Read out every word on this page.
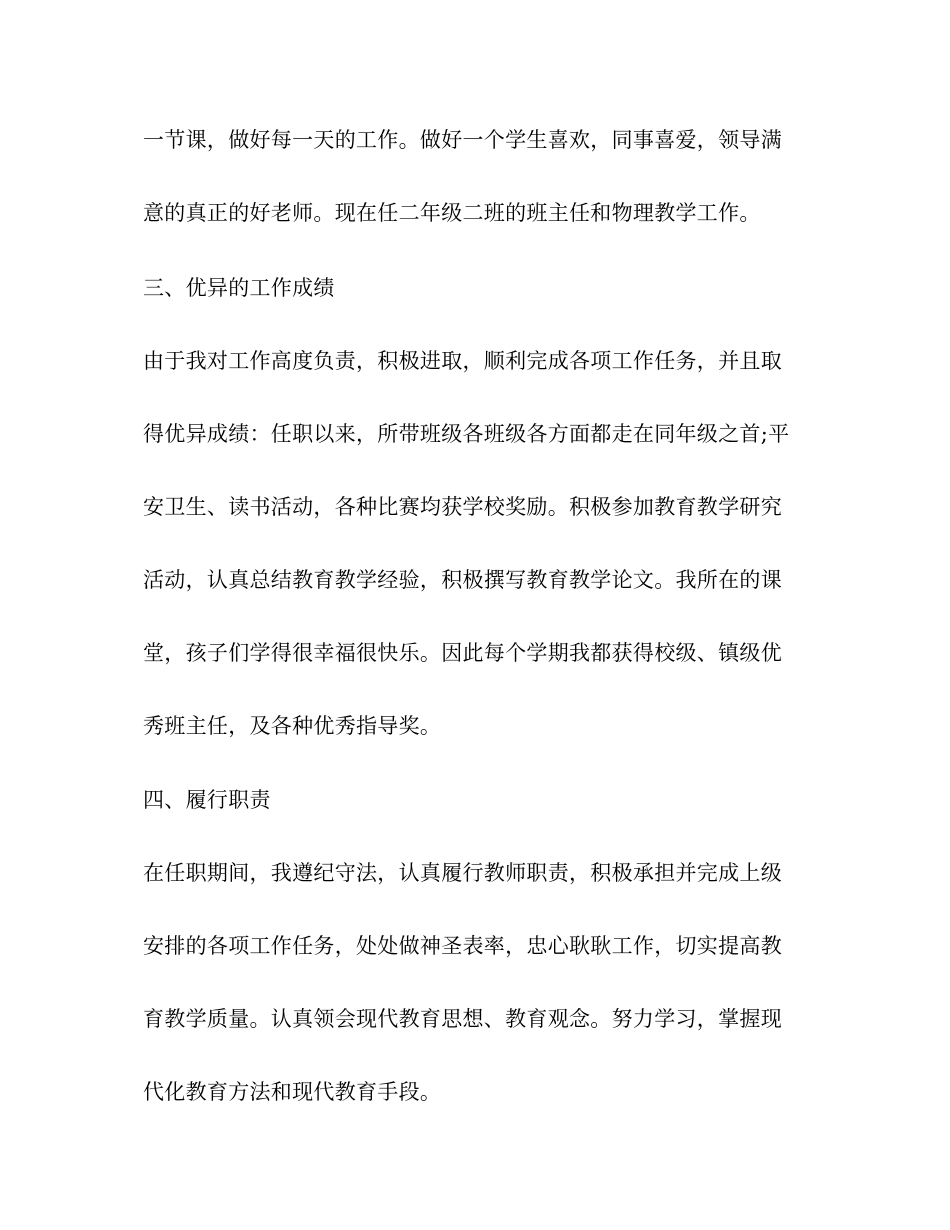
一节课，做好每一天的工作。做好一个学生喜欢，同事喜爱，领导满
意的真正的好老师。现在任二年级二班的班主任和物理教学工作。
三、优异的工作成绩
由于我对工作高度负责，积极进取，顺利完成各项工作任务，并且取
得优异成绩：任职以来，所带班级各班级各方面都走在同年级之首;平
安卫生、读书活动，各种比赛均获学校奖励。积极参加教育教学研究
活动，认真总结教育教学经验，积极撰写教育教学论文。我所在的课
堂，孩子们学得很幸福很快乐。因此每个学期我都获得校级、镇级优
秀班主任，及各种优秀指导奖。
四、履行职责
在任职期间，我遵纪守法，认真履行教师职责，积极承担并完成上级
安排的各项工作任务，处处做神圣表率，忠心耿耿工作，切实提高教
育教学质量。认真领会现代教育思想、教育观念。努力学习，掌握现
代化教育方法和现代教育手段。
